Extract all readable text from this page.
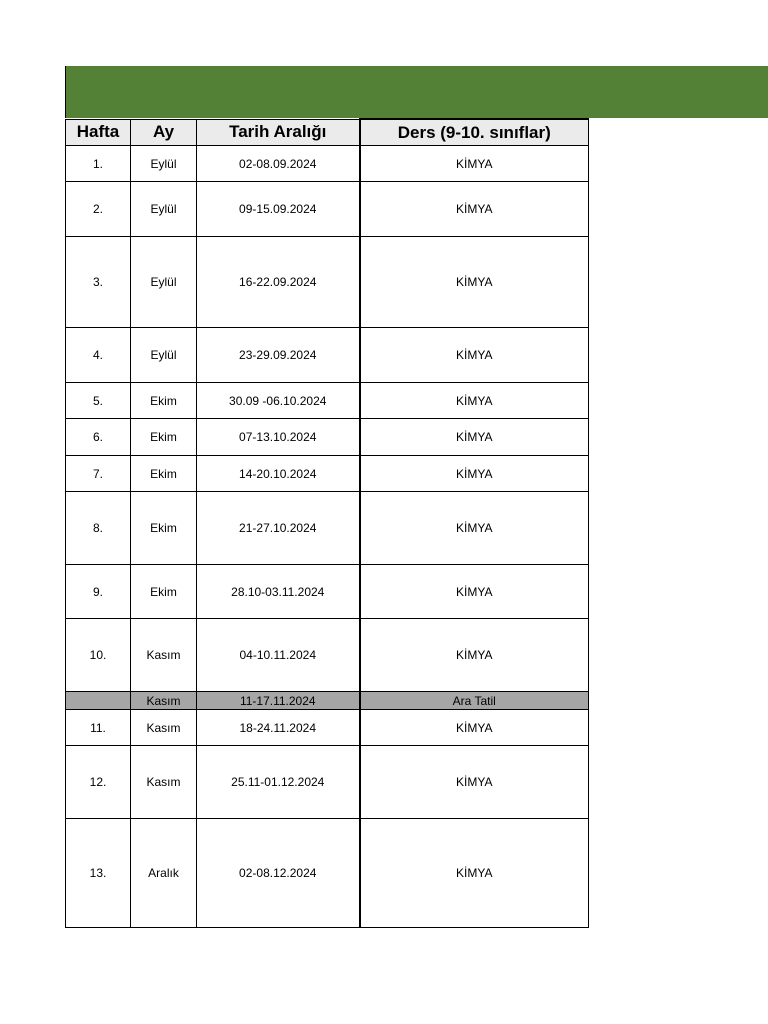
Hafta	Ay	Tarih Aralığı	Ders (9-10. sınıflar)
1.	Eylül	02-08.09.2024	KİMYA
2.	Eylül	09-15.09.2024	KİMYA
3.	Eylül	16-22.09.2024	KİMYA
4.	Eylül	23-29.09.2024	KİMYA
5.	Ekim	30.09 -06.10.2024	KİMYA
6.	Ekim	07-13.10.2024	KİMYA
7.	Ekim	14-20.10.2024	KİMYA
8.	Ekim	21-27.10.2024	KİMYA
9.	Ekim	28.10-03.11.2024	KİMYA
10.	Kasım	04-10.11.2024	KİMYA
	Kasım	11-17.11.2024	Ara Tatil
11.	Kasım	18-24.11.2024	KİMYA
12.	Kasım	25.11-01.12.2024	KİMYA
13.	Aralık	02-08.12.2024	KİMYA
